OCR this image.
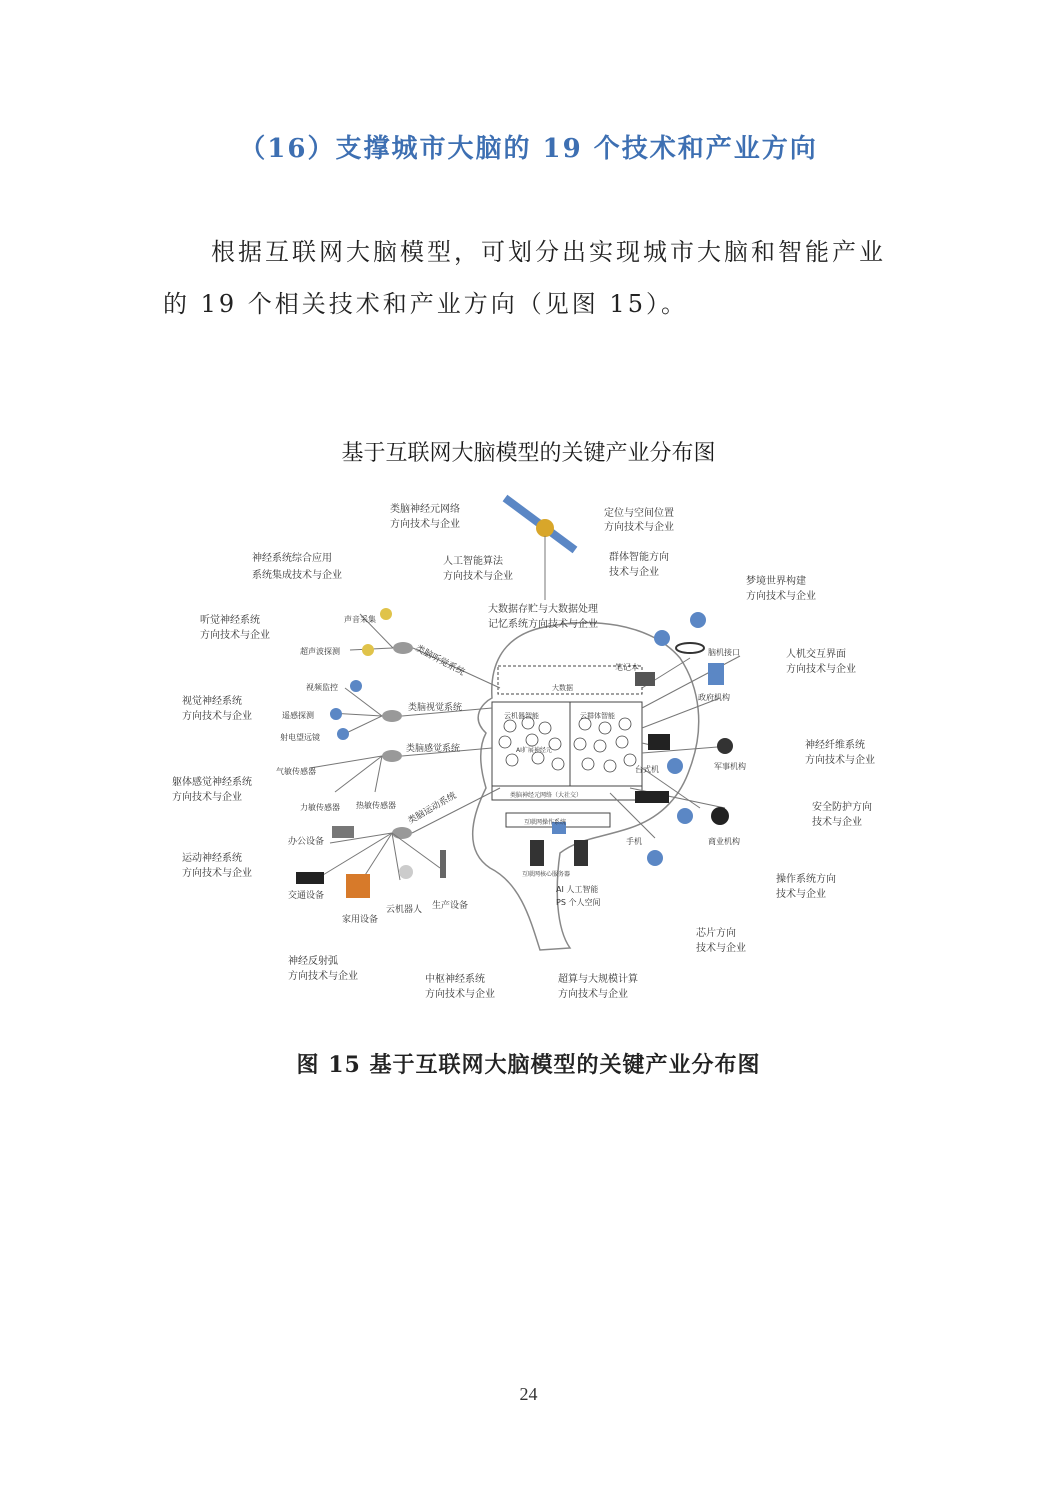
（16）支撑城市大脑的 19 个技术和产业方向
根据互联网大脑模型，可划分出实现城市大脑和智能产业的 19 个相关技术和产业方向（见图 15）。
基于互联网大脑模型的关键产业分布图
类脑神经元网络
方向技术与企业
定位与空间位置
方向技术与企业
神经系统综合应用
系统集成技术与企业
人工智能算法
方向技术与企业
群体智能方向
技术与企业
梦境世界构建
方向技术与企业
听觉神经系统
方向技术与企业
大数据存贮与大数据处理
记忆系统方向技术与企业
人机交互界面
方向技术与企业
视觉神经系统
方向技术与企业
神经纤维系统
方向技术与企业
躯体感觉神经系统
方向技术与企业
安全防护方向
技术与企业
运动神经系统
方向技术与企业
操作系统方向
技术与企业
芯片方向
技术与企业
神经反射弧
方向技术与企业	中枢神经系统
方向技术与企业
超算与大规模计算
方向技术与企业
类脑听觉系统
类脑视觉系统
类脑感觉系统
类脑运动系统
声音采集
超声波探测
视频监控
遥感探测
射电望远镜
气敏传感器
力敏传感器 热敏传感器
办公设备
交通设备
家用设备
云机器人 生产设备
笔记本
脑机接口
政府机构
台式机	军事机构
手机	商业机构
大数据
云机器智能	云群体智能
AI扩展神经元
类脑神经元网络（大社交）
互联网操作系统
互联网核心服务器
AI 人工智能
PS 个人空间
图 15 基于互联网大脑模型的关键产业分布图
24
